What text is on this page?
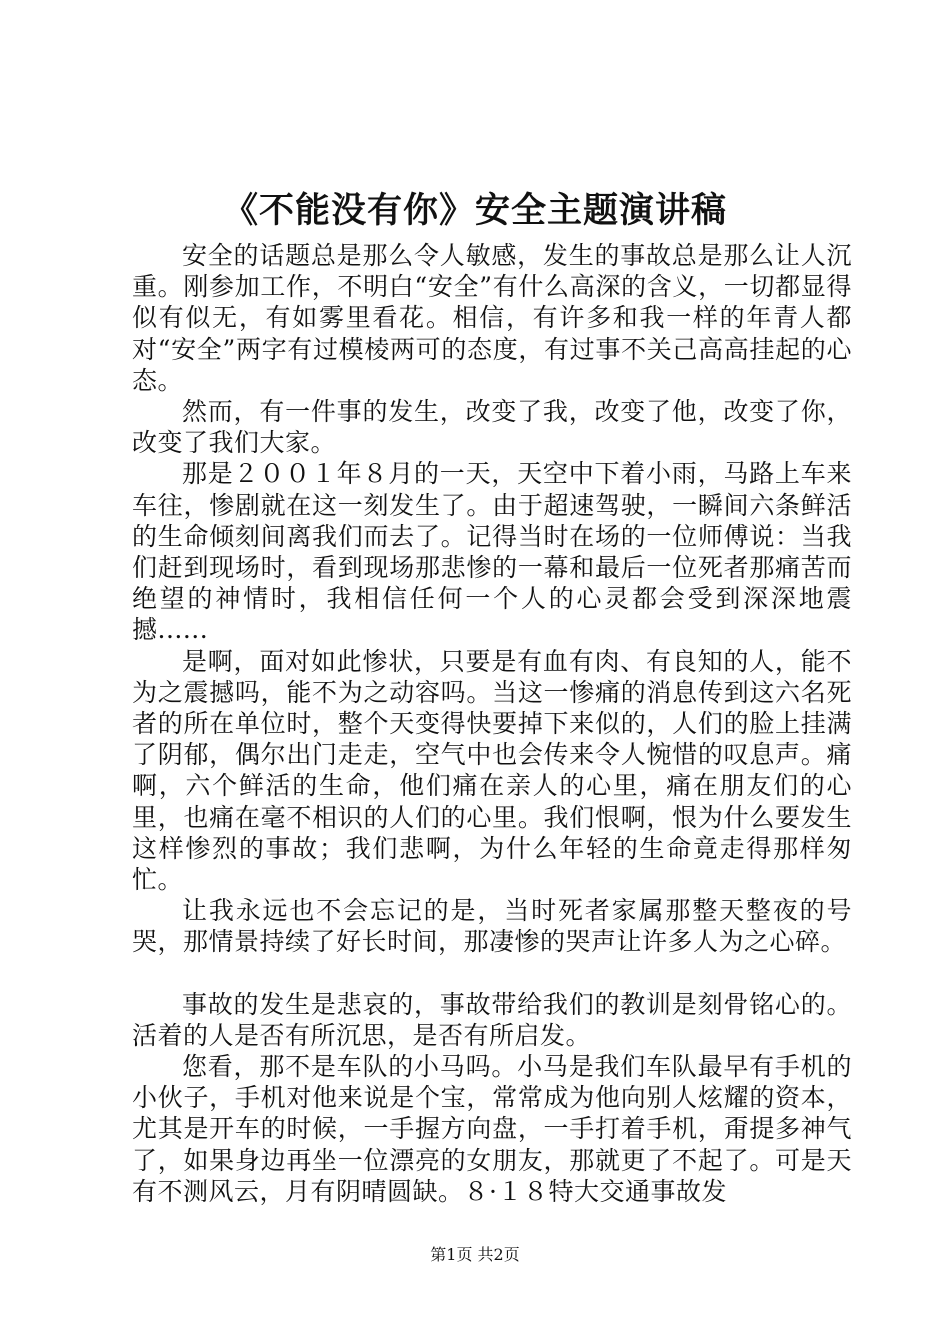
《不能没有你》安全主题演讲稿

安全的话题总是那么令人敏感，发生的事故总是那么让人沉重。刚参加工作，不明白“安全”有什么高深的含义，一切都显得似有似无，有如雾里看花。相信，有许多和我一样的年青人都对“安全”两字有过模棱两可的态度，有过事不关己高高挂起的心态。

然而，有一件事的发生，改变了我，改变了他，改变了你，改变了我们大家。

那是２００１年８月的一天，天空中下着小雨，马路上车来车往，惨剧就在这一刻发生了。由于超速驾驶，一瞬间六条鲜活的生命倾刻间离我们而去了。记得当时在场的一位师傅说：当我们赶到现场时，看到现场那悲惨的一幕和最后一位死者那痛苦而绝望的神情时，我相信任何一个人的心灵都会受到深深地震撼......

是啊，面对如此惨状，只要是有血有肉、有良知的人，能不为之震撼吗，能不为之动容吗。当这一惨痛的消息传到这六名死者的所在单位时，整个天变得快要掉下来似的，人们的脸上挂满了阴郁，偶尔出门走走，空气中也会传来令人惋惜的叹息声。痛啊，六个鲜活的生命，他们痛在亲人的心里，痛在朋友们的心里，也痛在毫不相识的人们的心里。我们恨啊，恨为什么要发生这样惨烈的事故；我们悲啊，为什么年轻的生命竟走得那样匆忙。

让我永远也不会忘记的是，当时死者家属那整天整夜的号哭，那情景持续了好长时间，那凄惨的哭声让许多人为之心碎。

事故的发生是悲哀的，事故带给我们的教训是刻骨铭心的。活着的人是否有所沉思，是否有所启发。

您看，那不是车队的小马吗。小马是我们车队最早有手机的小伙子，手机对他来说是个宝，常常成为他向别人炫耀的资本，尤其是开车的时候，一手握方向盘，一手打着手机，甭提多神气了，如果身边再坐一位漂亮的女朋友，那就更了不起了。可是天有不测风云，月有阴晴圆缺。８·１８特大交通事故发

第1页 共2页
